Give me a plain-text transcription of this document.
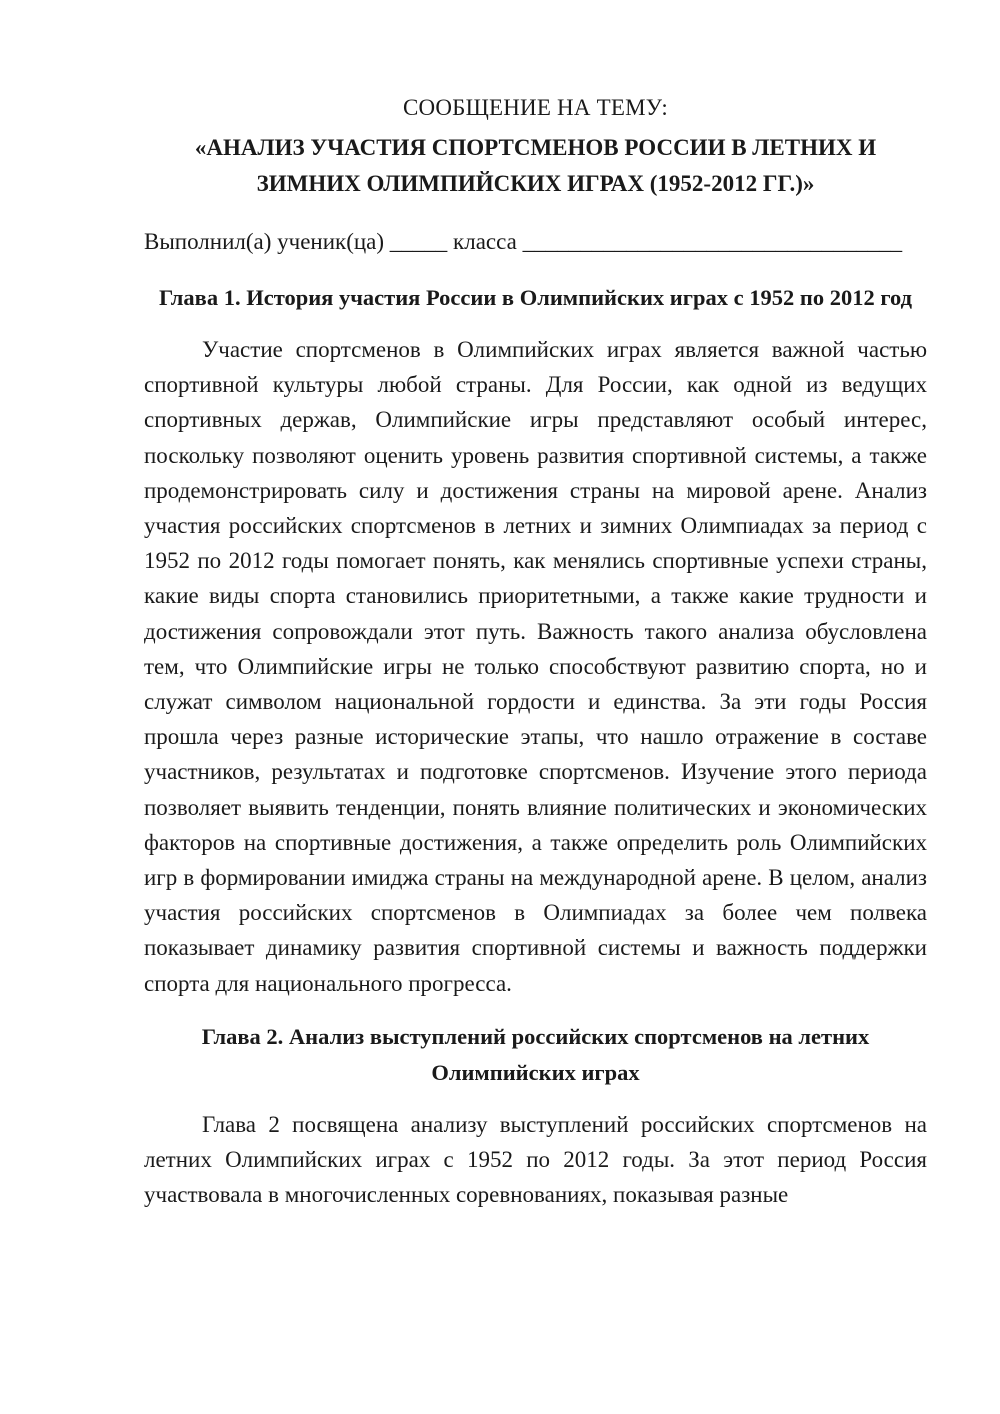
СООБЩЕНИЕ НА ТЕМУ:

«АНАЛИЗ УЧАСТИЯ СПОРТСМЕНОВ РОССИИ В ЛЕТНИХ И
ЗИМНИХ ОЛИМПИЙСКИХ ИГРАХ (1952-2012 ГГ.)»

Выполнил(а) ученик(ца) _____ класса _________________________________

Глава 1. История участия России в Олимпийских играх с 1952 по 2012 год

Участие спортсменов в Олимпийских играх является важной частью спортивной культуры любой страны. Для России, как одной из ведущих спортивных держав, Олимпийские игры представляют особый интерес, поскольку позволяют оценить уровень развития спортивной системы, а также продемонстрировать силу и достижения страны на мировой арене. Анализ участия российских спортсменов в летних и зимних Олимпиадах за период с 1952 по 2012 годы помогает понять, как менялись спортивные успехи страны, какие виды спорта становились приоритетными, а также какие трудности и достижения сопровождали этот путь. Важность такого анализа обусловлена тем, что Олимпийские игры не только способствуют развитию спорта, но и служат символом национальной гордости и единства. За эти годы Россия прошла через разные исторические этапы, что нашло отражение в составе участников, результатах и подготовке спортсменов. Изучение этого периода позволяет выявить тенденции, понять влияние политических и экономических факторов на спортивные достижения, а также определить роль Олимпийских игр в формировании имиджа страны на международной арене. В целом, анализ участия российских спортсменов в Олимпиадах за более чем полвека показывает динамику развития спортивной системы и важность поддержки спорта для национального прогресса.

Глава 2. Анализ выступлений российских спортсменов на летних
Олимпийских играх

Глава 2 посвящена анализу выступлений российских спортсменов на летних Олимпийских играх с 1952 по 2012 годы. За этот период Россия участвовала в многочисленных соревнованиях, показывая разные
